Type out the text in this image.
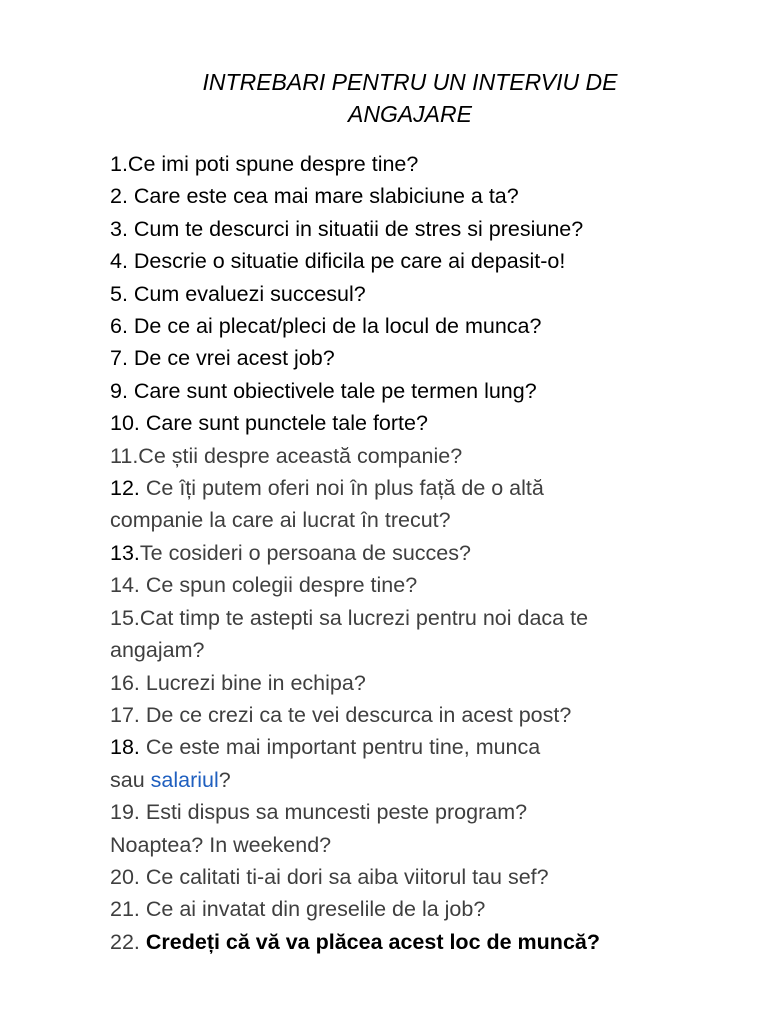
INTREBARI PENTRU UN INTERVIU DE
ANGAJARE
1.Ce imi poti spune despre tine?
2. Care este cea mai mare slabiciune a ta?
3. Cum te descurci in situatii de stres si presiune?
4. Descrie o situatie dificila pe care ai depasit-o!
5. Cum evaluezi succesul?
6. De ce ai plecat/pleci de la locul de munca?
7. De ce vrei acest job?
9. Care sunt obiectivele tale pe termen lung?
10. Care sunt punctele tale forte?
11.Ce știi despre această companie?
12. Ce îți putem oferi noi în plus față de o altă
companie la care ai lucrat în trecut?
13.Te cosideri o persoana de succes?
14. Ce spun colegii despre tine?
15.Cat timp te astepti sa lucrezi pentru noi daca te
angajam?
16. Lucrezi bine in echipa?
17. De ce crezi ca te vei descurca in acest post?
18. Ce este mai important pentru tine, munca
sau salariul?
19. Esti dispus sa muncesti peste program?
Noaptea? In weekend?
20. Ce calitati ti-ai dori sa aiba viitorul tau sef?
21. Ce ai invatat din greselile de la job?
22. Credeți că vă va plăcea acest loc de muncă?
